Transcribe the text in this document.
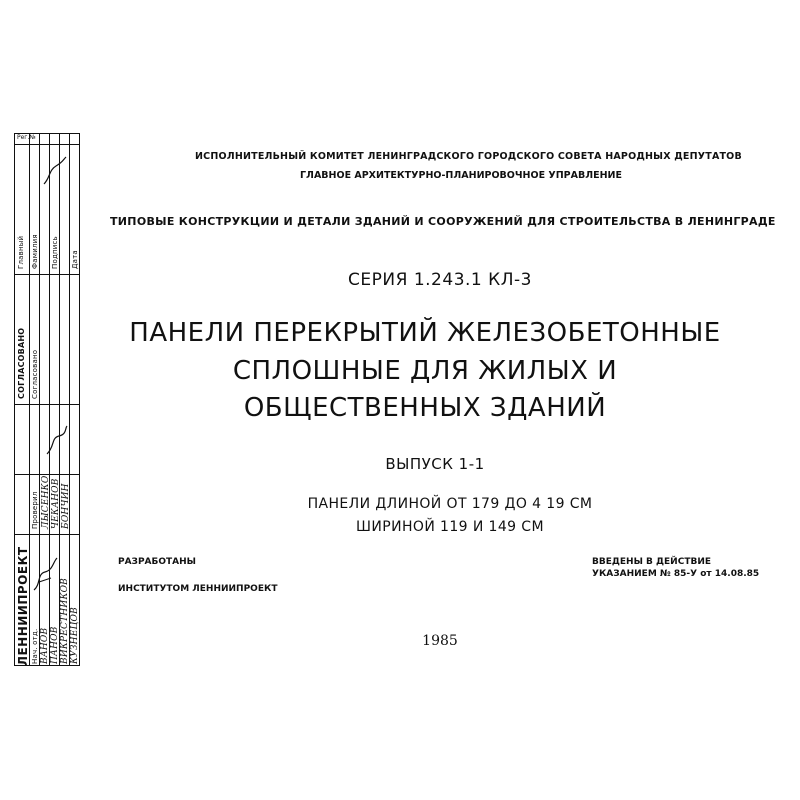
Рег.№
ЛЕННИИПРОЕКТ Нач. отд. ВАНОВ ПАНОВ ВИКРЕСТНИКОВ КУЗНЕЦОВ
СОГЛАСОВАНО Согласовано
Проверил ЛЫСЕНКО ЧЕКАНОВ БОНЧИН
Главный Фамилия Подпись Дата
ИСПОЛНИТЕЛЬНЫЙ КОМИТЕТ ЛЕНИНГРАДСКОГО ГОРОДСКОГО СОВЕТА НАРОДНЫХ ДЕПУТАТОВ
ГЛАВНОЕ АРХИТЕКТУРНО-ПЛАНИРОВОЧНОЕ УПРАВЛЕНИЕ
ТИПОВЫЕ КОНСТРУКЦИИ И ДЕТАЛИ ЗДАНИЙ И СООРУЖЕНИЙ ДЛЯ СТРОИТЕЛЬСТВА В ЛЕНИНГРАДЕ
СЕРИЯ 1.243.1 КЛ-3
ПАНЕЛИ ПЕРЕКРЫТИЙ ЖЕЛЕЗОБЕТОННЫЕ
СПЛОШНЫЕ ДЛЯ ЖИЛЫХ И
ОБЩЕСТВЕННЫХ ЗДАНИЙ
ВЫПУСК 1-1
ПАНЕЛИ ДЛИНОЙ ОТ 179 ДО 4 19 СМ
ШИРИНОЙ 119 И 149 СМ
РАЗРАБОТАНЫ
ИНСТИТУТОМ ЛЕННИИПРОЕКТ
ВВЕДЕНЫ В ДЕЙСТВИЕ
УКАЗАНИЕМ № 85-У от 14.08.85
1985
